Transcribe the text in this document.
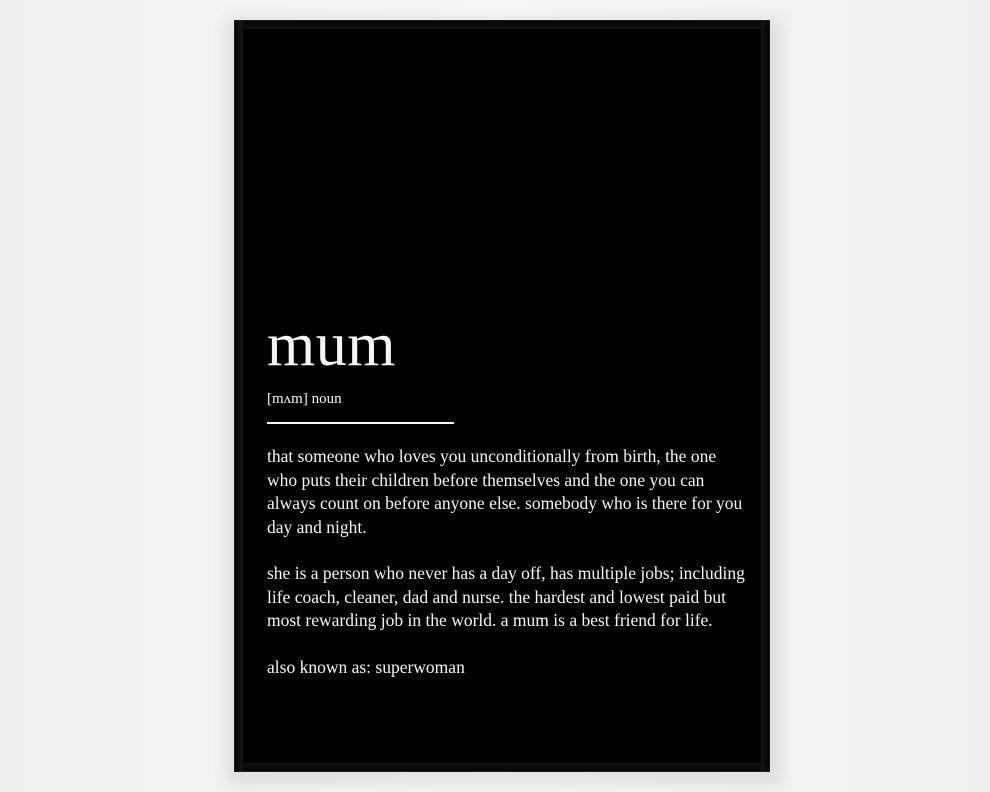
mum
[mʌm] noun

that someone who loves you unconditionally from birth, the one who puts their children before themselves and the one you can always count on before anyone else. somebody who is there for you day and night.

she is a person who never has a day off, has multiple jobs; including life coach, cleaner, dad and nurse. the hardest and lowest paid but most rewarding job in the world. a mum is a best friend for life.

also known as: superwoman
